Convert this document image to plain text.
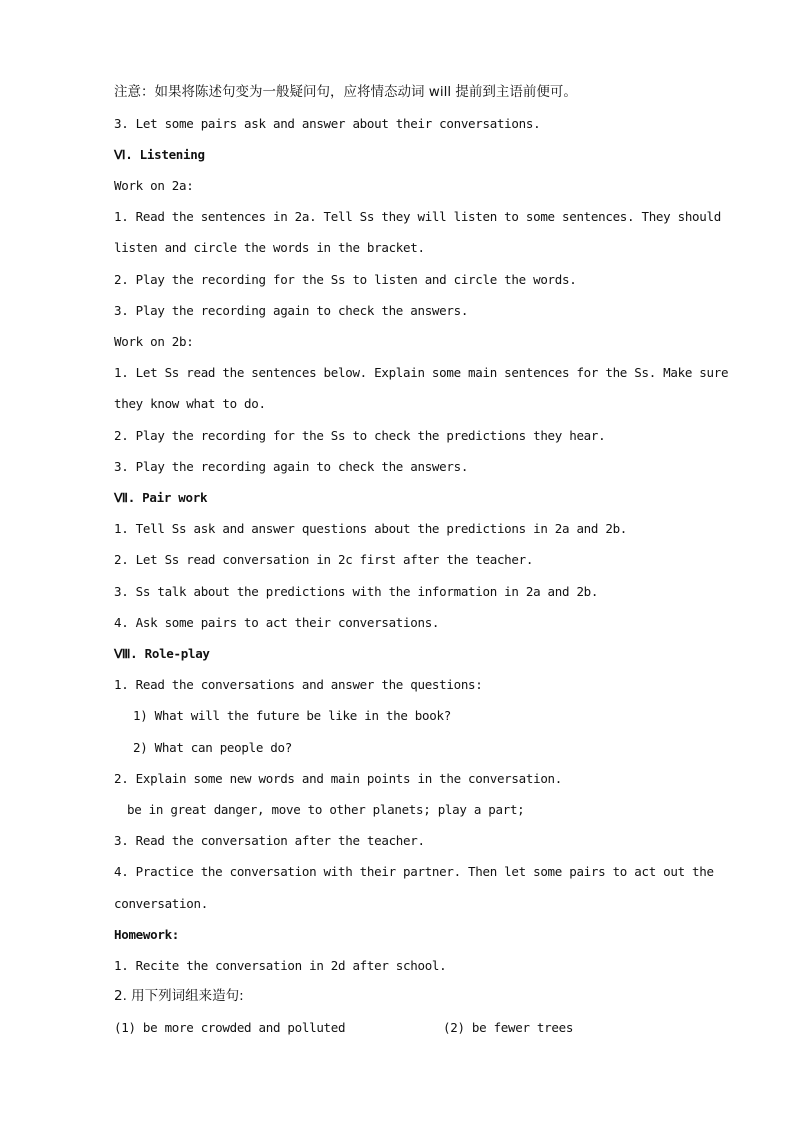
注意：如果将陈述句变为一般疑问句，应将情态动词 will 提前到主语前便可。
3. Let some pairs ask and answer about their conversations.
Ⅵ. Listening
Work on 2a:
1. Read the sentences in 2a. Tell Ss they will listen to some sentences. They should
listen and circle the words in the bracket.
2. Play the recording for the Ss to listen and circle the words.
3. Play the recording again to check the answers.
Work on 2b:
1. Let Ss read the sentences below. Explain some main sentences for the Ss. Make sure
they know what to do.
2. Play the recording for the Ss to check the predictions they hear.
3. Play the recording again to check the answers.
Ⅶ. Pair work
1. Tell Ss ask and answer questions about the predictions in 2a and 2b.
2. Let Ss read conversation in 2c first after the teacher.
3. Ss talk about the predictions with the information in 2a and 2b.
4. Ask some pairs to act their conversations.
Ⅷ. Role-play
1. Read the conversations and answer the questions:
1) What will the future be like in the book?
2) What can people do?
2. Explain some new words and main points in the conversation.
be in great danger, move to other planets; play a part;
3. Read the conversation after the teacher.
4. Practice the conversation with their partner. Then let some pairs to act out the
conversation.
Homework:
1. Recite the conversation in 2d after school.
2. 用下列词组来造句:
(1) be more crowded and polluted	(2) be fewer trees
